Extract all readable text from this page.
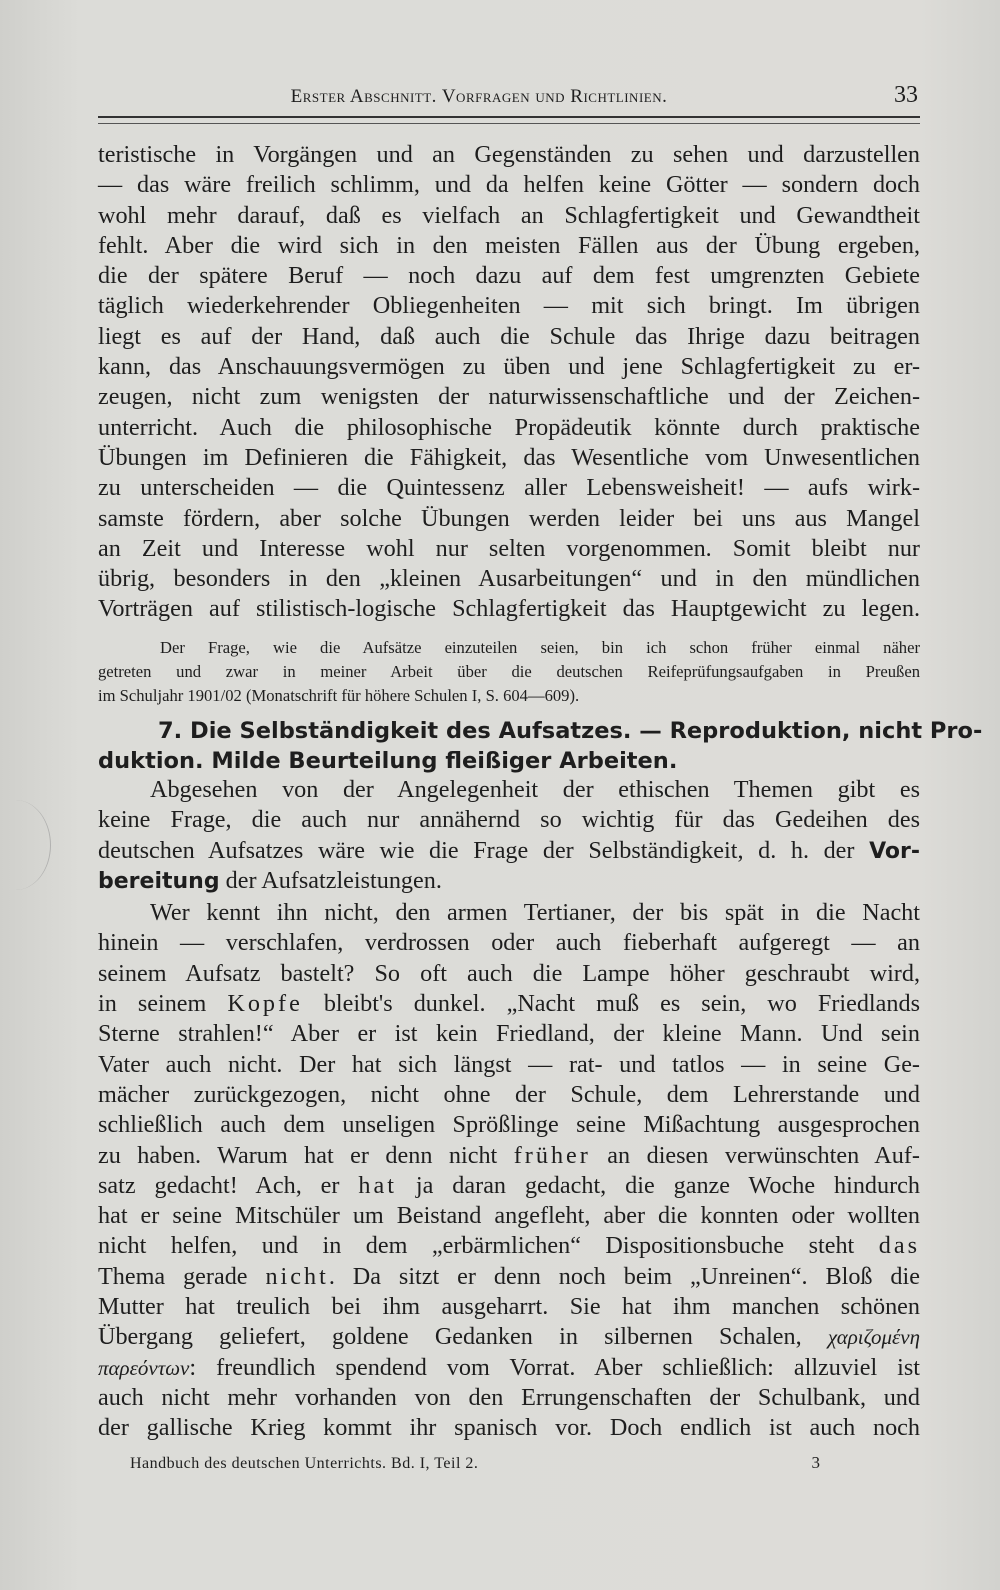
Erster Abschnitt. Vorfragen und Richtlinien.	33
teristische in Vorgängen und an Gegenständen zu sehen und darzustellen
— das wäre freilich schlimm, und da helfen keine Götter — sondern doch
wohl mehr darauf, daß es vielfach an Schlagfertigkeit und Gewandtheit
fehlt. Aber die wird sich in den meisten Fällen aus der Übung ergeben,
die der spätere Beruf — noch dazu auf dem fest umgrenzten Gebiete
täglich wiederkehrender Obliegenheiten — mit sich bringt. Im übrigen
liegt es auf der Hand, daß auch die Schule das Ihrige dazu beitragen
kann, das Anschauungsvermögen zu üben und jene Schlagfertigkeit zu er-
zeugen, nicht zum wenigsten der naturwissenschaftliche und der Zeichen-
unterricht. Auch die philosophische Propädeutik könnte durch praktische
Übungen im Definieren die Fähigkeit, das Wesentliche vom Unwesentlichen
zu unterscheiden — die Quintessenz aller Lebensweisheit! — aufs wirk-
samste fördern, aber solche Übungen werden leider bei uns aus Mangel
an Zeit und Interesse wohl nur selten vorgenommen. Somit bleibt nur
übrig, besonders in den „kleinen Ausarbeitungen“ und in den mündlichen
Vorträgen auf stilistisch-logische Schlagfertigkeit das Hauptgewicht zu legen.
Der Frage, wie die Aufsätze einzuteilen seien, bin ich schon früher einmal näher
getreten und zwar in meiner Arbeit über die deutschen Reifeprüfungsaufgaben in Preußen
im Schuljahr 1901/02 (Monatschrift für höhere Schulen I, S. 604—609).
7. Die Selbständigkeit des Aufsatzes. — Reproduktion, nicht Pro-
duktion. Milde Beurteilung fleißiger Arbeiten.
Abgesehen von der Angelegenheit der ethischen Themen gibt es
keine Frage, die auch nur annähernd so wichtig für das Gedeihen des
deutschen Aufsatzes wäre wie die Frage der Selbständigkeit, d. h. der Vor-
bereitung der Aufsatzleistungen.
Wer kennt ihn nicht, den armen Tertianer, der bis spät in die Nacht
hinein — verschlafen, verdrossen oder auch fieberhaft aufgeregt — an
seinem Aufsatz bastelt? So oft auch die Lampe höher geschraubt wird,
in seinem Kopfe bleibt's dunkel. „Nacht muß es sein, wo Friedlands
Sterne strahlen!“ Aber er ist kein Friedland, der kleine Mann. Und sein
Vater auch nicht. Der hat sich längst — rat- und tatlos — in seine Ge-
mächer zurückgezogen, nicht ohne der Schule, dem Lehrerstande und
schließlich auch dem unseligen Sprößlinge seine Mißachtung ausgesprochen
zu haben. Warum hat er denn nicht früher an diesen verwünschten Auf-
satz gedacht! Ach, er hat ja daran gedacht, die ganze Woche hindurch
hat er seine Mitschüler um Beistand angefleht, aber die konnten oder wollten
nicht helfen, und in dem „erbärmlichen“ Dispositionsbuche steht das
Thema gerade nicht. Da sitzt er denn noch beim „Unreinen“. Bloß die
Mutter hat treulich bei ihm ausgeharrt. Sie hat ihm manchen schönen
Übergang geliefert, goldene Gedanken in silbernen Schalen, χαριζομένη
παρεόντων: freundlich spendend vom Vorrat. Aber schließlich: allzuviel ist
auch nicht mehr vorhanden von den Errungenschaften der Schulbank, und
der gallische Krieg kommt ihr spanisch vor. Doch endlich ist auch noch
Handbuch des deutschen Unterrichts. Bd. I, Teil 2.	3
